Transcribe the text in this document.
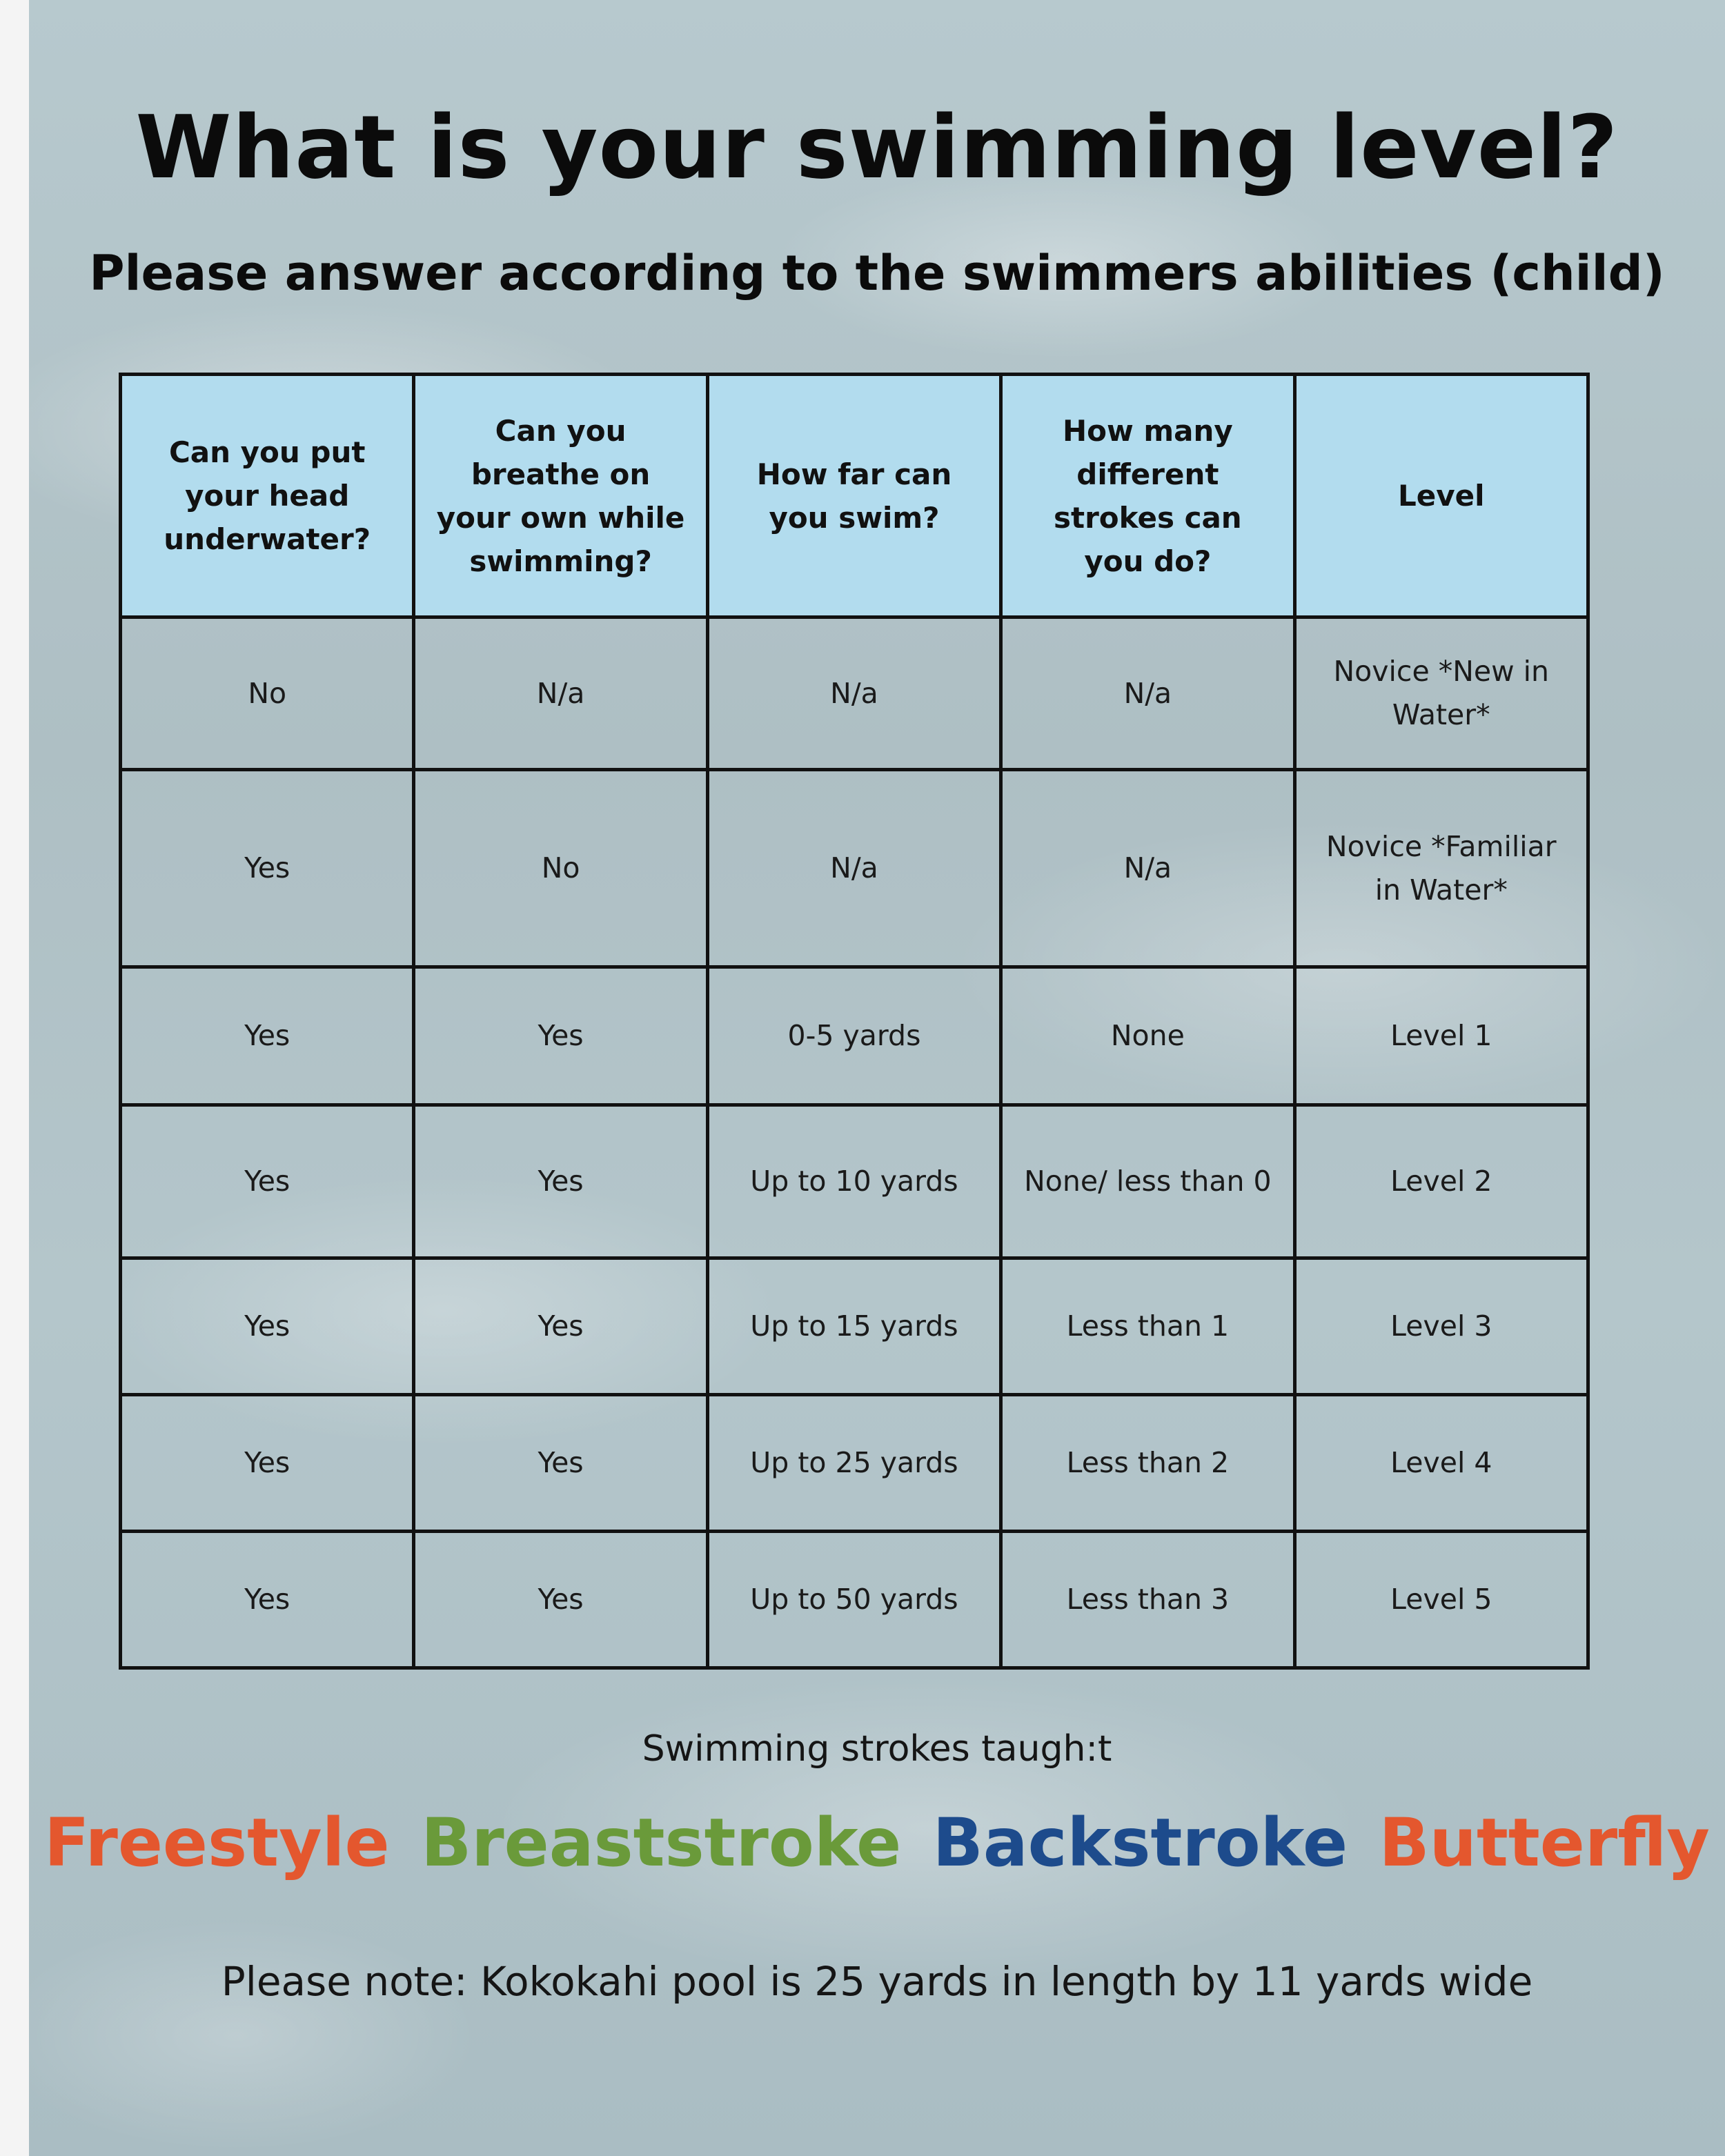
What is your swimming level?
Please answer according to the swimmers abilities (child)
Can you put your head underwater?	Can you breathe on your own while swimming?	How far can you swim?	How many different strokes can you do?	Level
No	N/a	N/a	N/a	Novice *New in Water*
Yes	No	N/a	N/a	Novice *Familiar in Water*
Yes	Yes	0-5 yards	None	Level 1
Yes	Yes	Up to 10 yards	None/ less than 0	Level 2
Yes	Yes	Up to 15 yards	Less than 1	Level 3
Yes	Yes	Up to 25 yards	Less than 2	Level 4
Yes	Yes	Up to 50 yards	Less than 3	Level 5
Swimming strokes taugh:t
Freestyle Breaststroke Backstroke Butterfly
Please note: Kokokahi pool is 25 yards in length by 11 yards wide
